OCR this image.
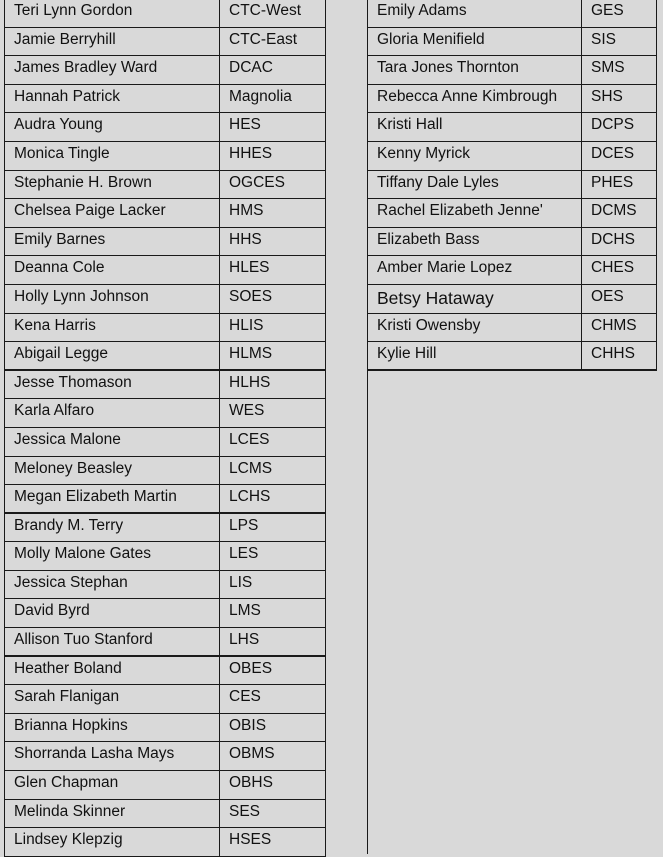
Teri Lynn Gordon	CTC-West
Jamie Berryhill	CTC-East
James Bradley Ward	DCAC
Hannah Patrick	Magnolia
Audra Young	HES
Monica Tingle	HHES
Stephanie H. Brown	OGCES
Chelsea Paige Lacker	HMS
Emily Barnes	HHS
Deanna Cole	HLES
Holly Lynn Johnson	SOES
Kena Harris	HLIS
Abigail Legge	HLMS
Jesse Thomason	HLHS
Karla Alfaro	WES
Jessica Malone	LCES
Meloney Beasley	LCMS
Megan Elizabeth Martin	LCHS
Brandy M. Terry	LPS
Molly Malone Gates	LES
Jessica Stephan	LIS
David Byrd	LMS
Allison Tuo Stanford	LHS
Heather Boland	OBES
Sarah Flanigan	CES
Brianna Hopkins	OBIS
Shorranda Lasha Mays	OBMS
Glen Chapman	OBHS
Melinda Skinner	SES
Lindsey Klepzig	HSES
Emily Adams	GES
Gloria Menifield	SIS
Tara Jones Thornton	SMS
Rebecca Anne Kimbrough	SHS
Kristi Hall	DCPS
Kenny Myrick	DCES
Tiffany Dale Lyles	PHES
Rachel Elizabeth Jenne'	DCMS
Elizabeth Bass	DCHS
Amber Marie Lopez	CHES
Betsy Hataway	OES
Kristi Owensby	CHMS
Kylie Hill	CHHS
